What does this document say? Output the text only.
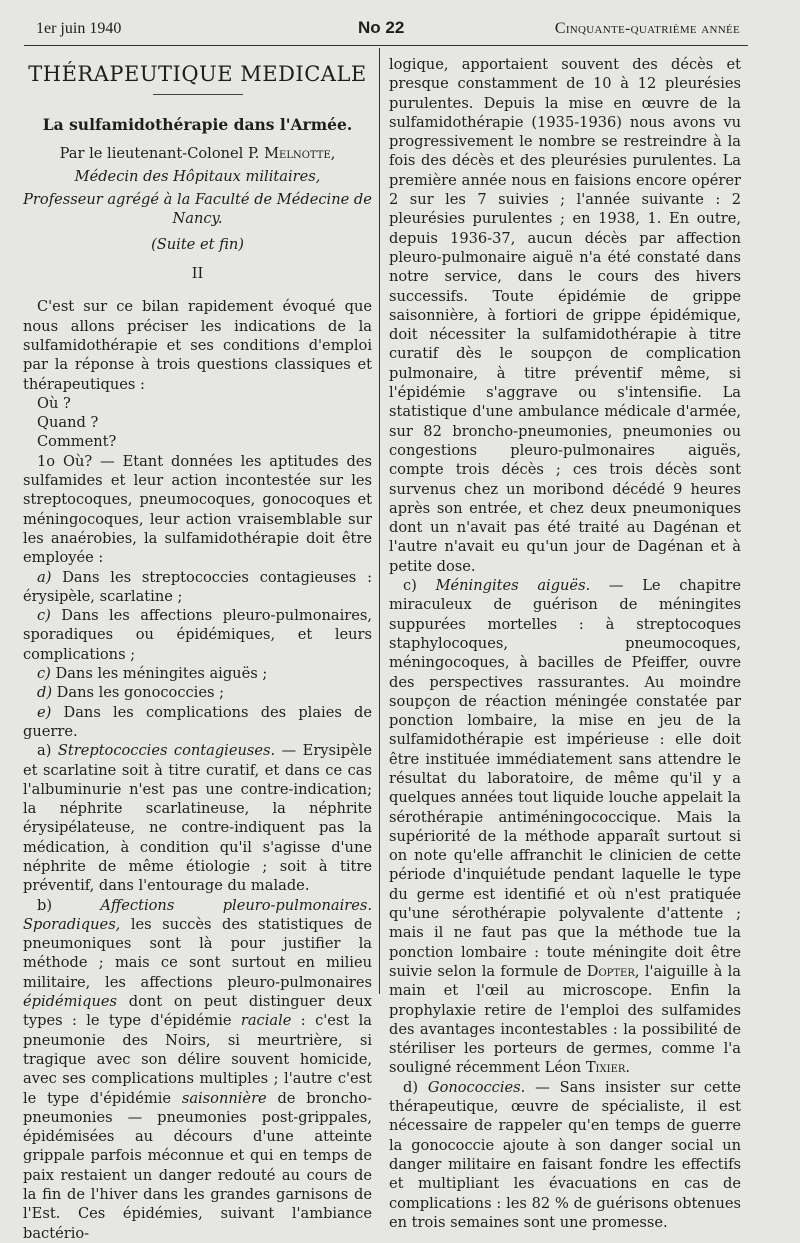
1er juin 1940	No 22	Cinquante-quatrième année
THÉRAPEUTIQUE MEDICALE
La sulfamidothérapie dans l'Armée.
Par le lieutenant-Colonel P. Melnotte,
Médecin des Hôpitaux militaires,
Professeur agrégé à la Faculté de Médecine de Nancy.
(Suite et fin)
II

C'est sur ce bilan rapidement évoqué que nous allons préciser les indications de la sulfamidothérapie et ses conditions d'emploi par la réponse à trois questions classiques et thérapeutiques :

Où ?

Quand ?

Comment?

1o Où? — Etant données les aptitudes des sulfamides et leur action incontestée sur les streptocoques, pneumocoques, gonocoques et méningocoques, leur action vraisemblable sur les anaérobies, la sulfamidothérapie doit être employée :

a) Dans les streptococcies contagieuses : érysipèle, scarlatine ;

c) Dans les affections pleuro-pulmonaires, sporadiques ou épidémiques, et leurs complications ;

c) Dans les méningites aiguës ;

d) Dans les gonococcies ;

e) Dans les complications des plaies de guerre.

a) Streptococcies contagieuses. — Erysipèle et scarlatine soit à titre curatif, et dans ce cas l'albuminurie n'est pas une contre-indication; la néphrite scarlatineuse, la néphrite érysipélateuse, ne contre-indiquent pas la médication, à condition qu'il s'agisse d'une néphrite de même étiologie ; soit à titre préventif, dans l'entourage du malade.

b) Affections pleuro-pulmonaires. Sporadiques, les succès des statistiques de pneumoniques sont là pour justifier la méthode ; mais ce sont surtout en milieu militaire, les affections pleuro-pulmonaires épidémiques dont on peut distinguer deux types : le type d'épidémie raciale : c'est la pneumonie des Noirs, si meurtrière, si tragique avec son délire souvent homicide, avec ses complications multiples ; l'autre c'est le type d'épidémie saisonnière de broncho-pneumonies — pneumonies post-grippales, épidémisées au décours d'une atteinte grippale parfois méconnue et qui en temps de paix restaient un danger redouté au cours de la fin de l'hiver dans les grandes garnisons de l'Est. Ces épidémies, suivant l'ambiance bactério-

logique, apportaient souvent des décès et presque constamment de 10 à 12 pleurésies purulentes. Depuis la mise en œuvre de la sulfamidothérapie (1935-1936) nous avons vu progressivement le nombre se restreindre à la fois des décès et des pleurésies purulentes. La première année nous en faisions encore opérer 2 sur les 7 suivies ; l'année suivante : 2 pleurésies purulentes ; en 1938, 1. En outre, depuis 1936-37, aucun décès par affection pleuro-pulmonaire aiguë n'a été constaté dans notre service, dans le cours des hivers successifs. Toute épidémie de grippe saisonnière, à fortiori de grippe épidémique, doit nécessiter la sulfamidothérapie à titre curatif dès le soupçon de complication pulmonaire, à titre préventif même, si l'épidémie s'aggrave ou s'intensifie. La statistique d'une ambulance médicale d'armée, sur 82 broncho-pneumonies, pneumonies ou congestions pleuro-pulmonaires aiguës, compte trois décès ; ces trois décès sont survenus chez un moribond décédé 9 heures après son entrée, et chez deux pneumoniques dont un n'avait pas été traité au Dagénan et l'autre n'avait eu qu'un jour de Dagénan et à petite dose.

c) Méningites aiguës. — Le chapitre miraculeux de guérison de méningites suppurées mortelles : à streptocoques staphylocoques, pneumocoques, méningocoques, à bacilles de Pfeiffer, ouvre des perspectives rassurantes. Au moindre soupçon de réaction méningée constatée par ponction lombaire, la mise en jeu de la sulfamidothérapie est impérieuse : elle doit être instituée immédiatement sans attendre le résultat du laboratoire, de même qu'il y a quelques années tout liquide louche appelait la sérothérapie antiméningococcique. Mais la supériorité de la méthode apparaît surtout si on note qu'elle affranchit le clinicien de cette période d'inquiétude pendant laquelle le type du germe est identifié et où n'est pratiquée qu'une sérothérapie polyvalente d'attente ; mais il ne faut pas que la méthode tue la ponction lombaire : toute méningite doit être suivie selon la formule de Dopter, l'aiguille à la main et l'œil au microscope. Enfin la prophylaxie retire de l'emploi des sulfamides des avantages incontestables : la possibilité de stériliser les porteurs de germes, comme l'a souligné récemment Léon Tixier.

d) Gonococcies. — Sans insister sur cette thérapeutique, œuvre de spécialiste, il est nécessaire de rappeler qu'en temps de guerre la gonococcie ajoute à son danger social un danger militaire en faisant fondre les effectifs et multipliant les évacuations en cas de complications : les 82 % de guérisons obtenues en trois semaines sont une promesse.
